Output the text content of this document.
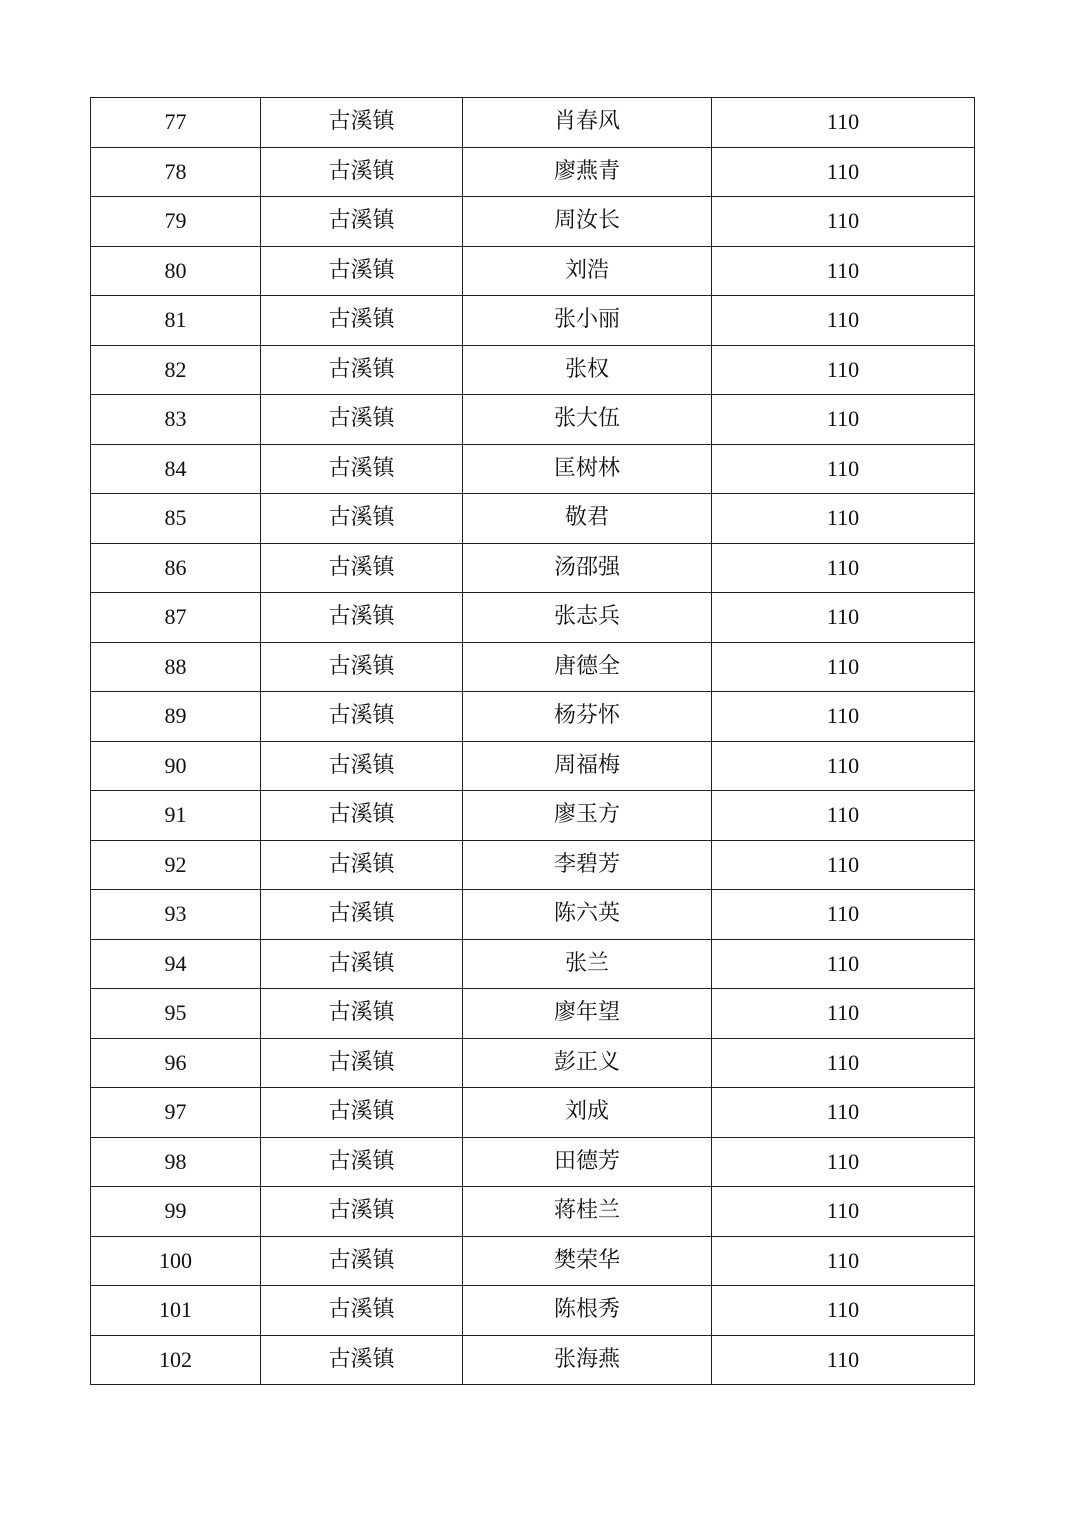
77	古溪镇	肖春风	110
78	古溪镇	廖燕青	110
79	古溪镇	周汝长	110
80	古溪镇	刘浩	110
81	古溪镇	张小丽	110
82	古溪镇	张权	110
83	古溪镇	张大伍	110
84	古溪镇	匡树林	110
85	古溪镇	敬君	110
86	古溪镇	汤邵强	110
87	古溪镇	张志兵	110
88	古溪镇	唐德全	110
89	古溪镇	杨芬怀	110
90	古溪镇	周福梅	110
91	古溪镇	廖玉方	110
92	古溪镇	李碧芳	110
93	古溪镇	陈六英	110
94	古溪镇	张兰	110
95	古溪镇	廖年望	110
96	古溪镇	彭正义	110
97	古溪镇	刘成	110
98	古溪镇	田德芳	110
99	古溪镇	蒋桂兰	110
100	古溪镇	樊荣华	110
101	古溪镇	陈根秀	110
102	古溪镇	张海燕	110
